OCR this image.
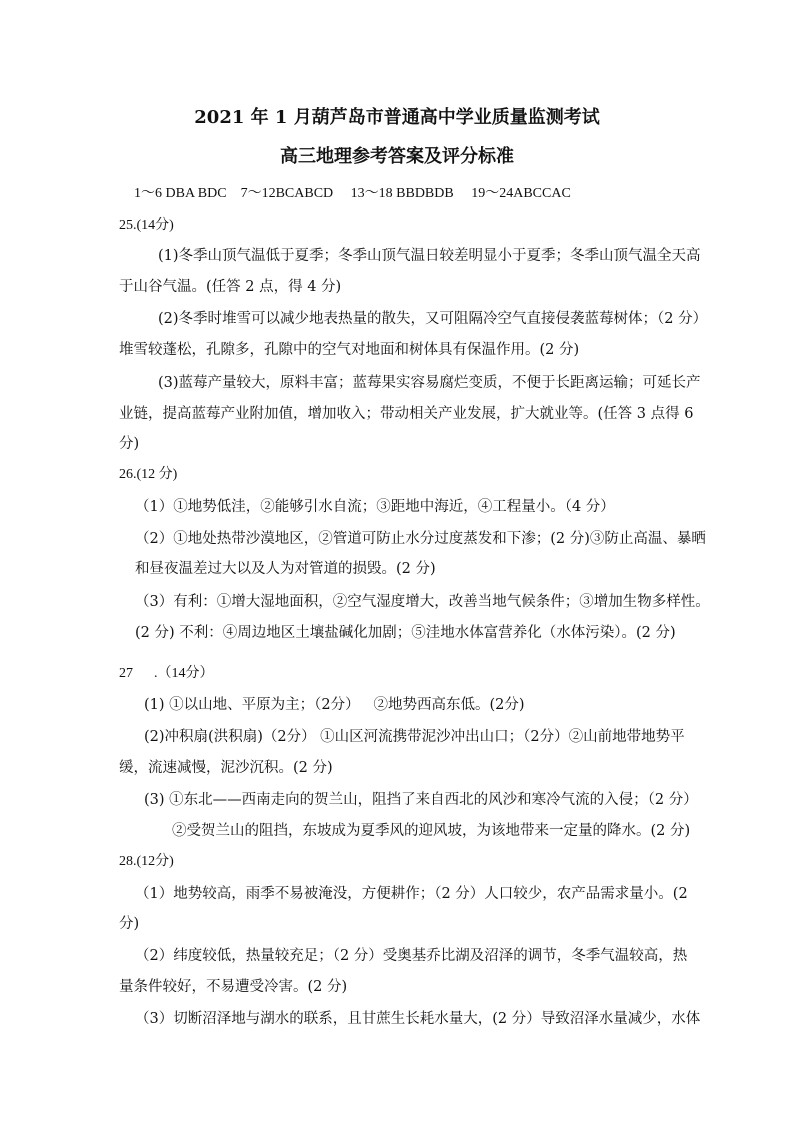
2021 年 1 月葫芦岛市普通高中学业质量监测考试
高三地理参考答案及评分标准
1～6 DBA BDC    7～12BCABCD     13～18 BBDBDB     19～24ABCCAC
25.(14分)
(1)冬季山顶气温低于夏季；冬季山顶气温日较差明显小于夏季；冬季山顶气温全天高
于山谷气温。(任答 2 点，得 4 分)
(2)冬季时堆雪可以减少地表热量的散失，又可阻隔冷空气直接侵袭蓝莓树体；（2 分）
堆雪较蓬松，孔隙多，孔隙中的空气对地面和树体具有保温作用。(2 分)
(3)蓝莓产量较大，原料丰富；蓝莓果实容易腐烂变质，不便于长距离运输；可延长产
业链，提高蓝莓产业附加值，增加收入；带动相关产业发展，扩大就业等。(任答 3 点得 6
分)
26.(12 分)
（1）①地势低洼，②能够引水自流；③距地中海近，④工程量小。（4 分）
（2）①地处热带沙漠地区，②管道可防止水分过度蒸发和下渗；(2 分)③防止高温、暴晒
和昼夜温差过大以及人为对管道的损毁。(2 分)
（3）有利：①增大湿地面积，②空气湿度增大，改善当地气候条件；③增加生物多样性。
(2 分) 不利：④周边地区土壤盐碱化加剧；⑤洼地水体富营养化（水体污染）。(2 分)
27      .（14分）
(1) ①以山地、平原为主；（2分）   ②地势西高东低。(2分)
(2)冲积扇(洪积扇)（2分） ①山区河流携带泥沙冲出山口；（2分）②山前地带地势平
缓，流速减慢，泥沙沉积。(2 分)
(3) ①东北——西南走向的贺兰山，阻挡了来自西北的风沙和寒冷气流的入侵；（2 分）
②受贺兰山的阻挡，东坡成为夏季风的迎风坡，为该地带来一定量的降水。(2 分)
28.(12分)
（1）地势较高，雨季不易被淹没，方便耕作；（2 分）人口较少，农产品需求量小。(2
分)
（2）纬度较低，热量较充足；（2 分）受奥基乔比湖及沼泽的调节，冬季气温较高，热
量条件较好，不易遭受冷害。(2 分)
（3）切断沼泽地与湖水的联系，且甘蔗生长耗水量大，(2 分）导致沼泽水量减少，水体
